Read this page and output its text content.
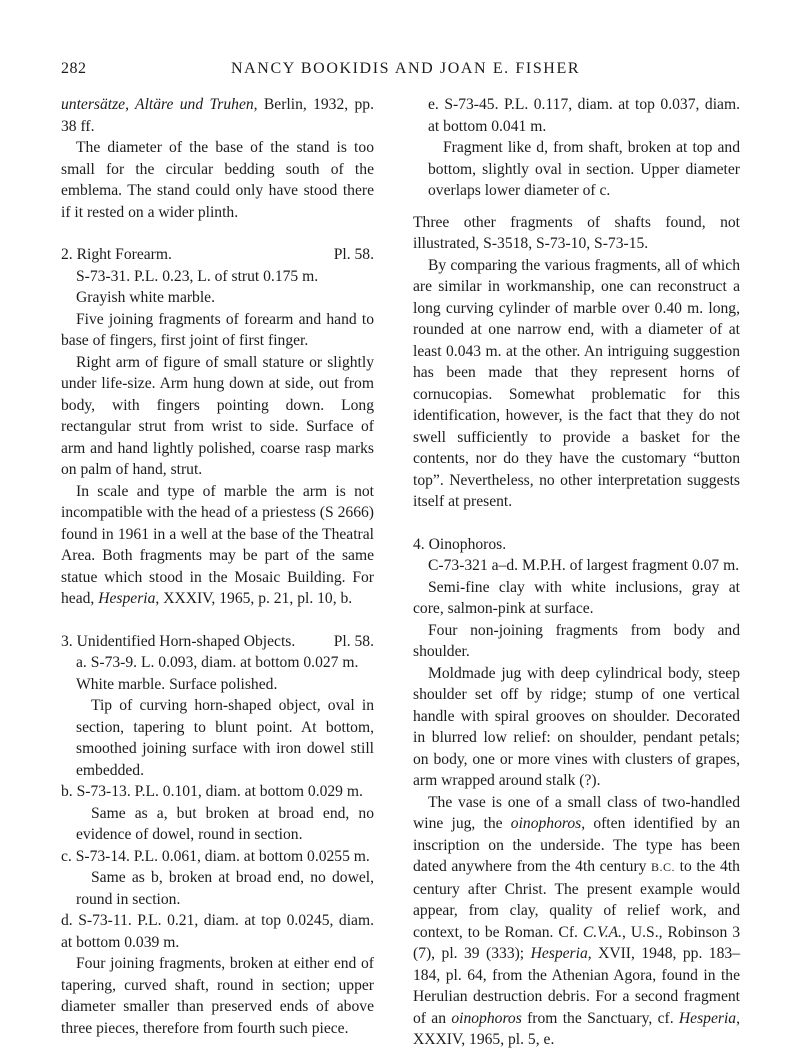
282	NANCY BOOKIDIS AND JOAN E. FISHER

untersätze, Altäre und Truhen, Berlin, 1932, pp. 38 ff.

The diameter of the base of the stand is too small for the circular bedding south of the emblema. The stand could only have stood there if it rested on a wider plinth.

2. Right Forearm.	Pl. 58.

S-73-31. P.L. 0.23, L. of strut 0.175 m.

Grayish white marble.

Five joining fragments of forearm and hand to base of fingers, first joint of first finger.

Right arm of figure of small stature or slightly under life-size. Arm hung down at side, out from body, with fingers pointing down. Long rectangular strut from wrist to side. Surface of arm and hand lightly polished, coarse rasp marks on palm of hand, strut.

In scale and type of marble the arm is not incompatible with the head of a priestess (S 2666) found in 1961 in a well at the base of the Theatral Area. Both fragments may be part of the same statue which stood in the Mosaic Building. For head, Hesperia, XXXIV, 1965, p. 21, pl. 10, b.

3. Unidentified Horn-shaped Objects. Pl. 58.

a. S-73-9. L. 0.093, diam. at bottom 0.027 m.

White marble. Surface polished.

Tip of curving horn-shaped object, oval in section, tapering to blunt point. At bottom, smoothed joining surface with iron dowel still embedded.

b. S-73-13. P.L. 0.101, diam. at bottom 0.029 m.

Same as a, but broken at broad end, no evidence of dowel, round in section.

c. S-73-14. P.L. 0.061, diam. at bottom 0.0255 m.

Same as b, broken at broad end, no dowel, round in section.

d. S-73-11. P.L. 0.21, diam. at top 0.0245, diam. at bottom 0.039 m.

Four joining fragments, broken at either end of tapering, curved shaft, round in section; upper diameter smaller than preserved ends of above three pieces, therefore from fourth such piece.

e. S-73-45. P.L. 0.117, diam. at top 0.037, diam. at bottom 0.041 m.

Fragment like d, from shaft, broken at top and bottom, slightly oval in section. Upper diameter overlaps lower diameter of c.

Three other fragments of shafts found, not illustrated, S-3518, S-73-10, S-73-15.

By comparing the various fragments, all of which are similar in workmanship, one can reconstruct a long curving cylinder of marble over 0.40 m. long, rounded at one narrow end, with a diameter of at least 0.043 m. at the other. An intriguing suggestion has been made that they represent horns of cornucopias. Somewhat problematic for this identification, however, is the fact that they do not swell sufficiently to provide a basket for the contents, nor do they have the customary “button top”. Nevertheless, no other interpretation suggests itself at present.

4. Oinophoros.

C-73-321 a–d. M.P.H. of largest fragment 0.07 m.

Semi-fine clay with white inclusions, gray at core, salmon-pink at surface.

Four non-joining fragments from body and shoulder.

Moldmade jug with deep cylindrical body, steep shoulder set off by ridge; stump of one vertical handle with spiral grooves on shoulder. Decorated in blurred low relief: on shoulder, pendant petals; on body, one or more vines with clusters of grapes, arm wrapped around stalk (?).

The vase is one of a small class of two-handled wine jug, the oinophoros, often identified by an inscription on the underside. The type has been dated anywhere from the 4th century B.C. to the 4th century after Christ. The present example would appear, from clay, quality of relief work, and context, to be Roman. Cf. C.V.A., U.S., Robinson 3 (7), pl. 39 (333); Hesperia, XVII, 1948, pp. 183–184, pl. 64, from the Athenian Agora, found in the Herulian destruction debris. For a second fragment of an oinophoros from the Sanctuary, cf. Hesperia, XXXIV, 1965, pl. 5, e.
